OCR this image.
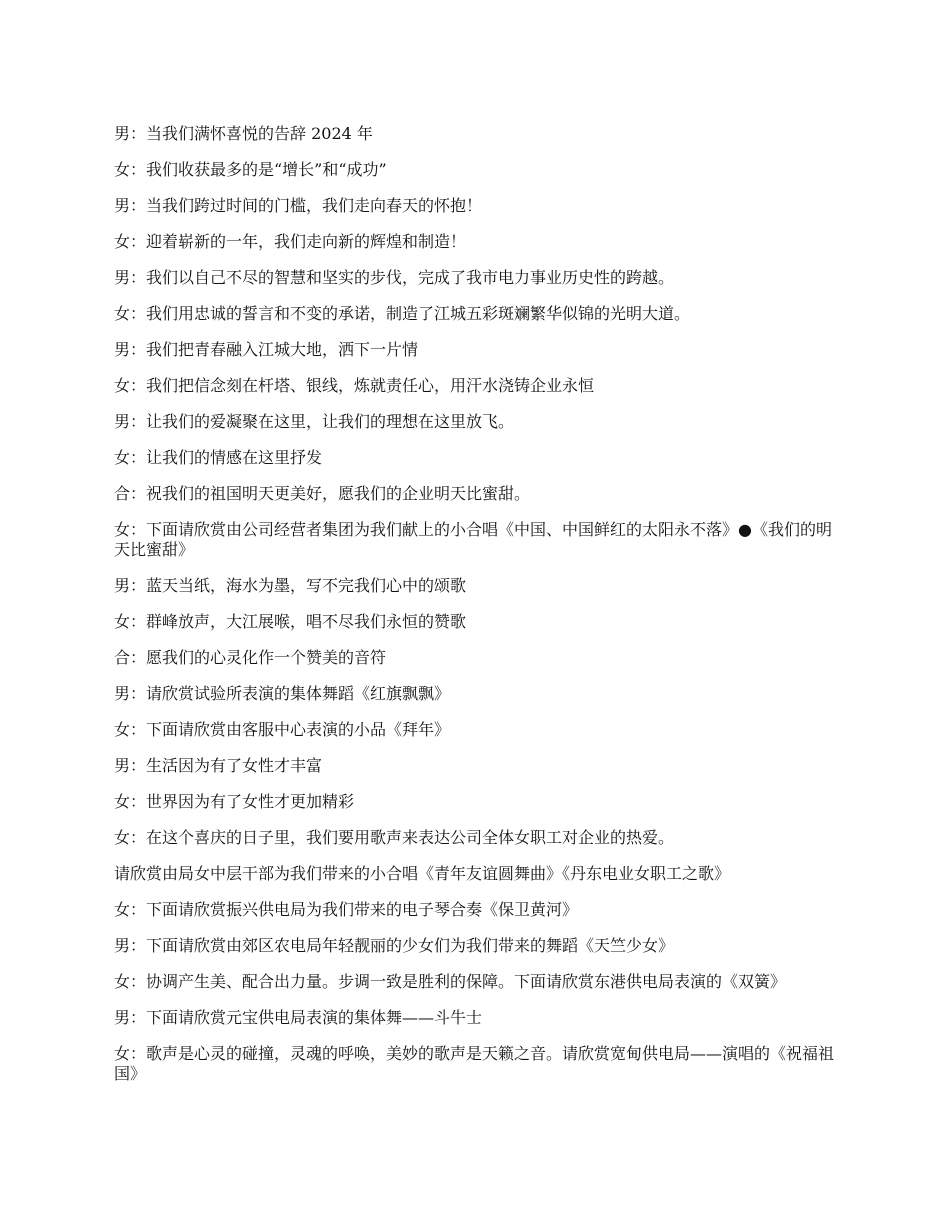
男：当我们满怀喜悦的告辞 2024 年

女：我们收获最多的是“增长”和“成功”

男：当我们跨过时间的门槛，我们走向春天的怀抱！

女：迎着崭新的一年，我们走向新的辉煌和制造！

男：我们以自己不尽的智慧和坚实的步伐，完成了我市电力事业历史性的跨越。

女：我们用忠诚的誓言和不变的承诺，制造了江城五彩斑斓繁华似锦的光明大道。

男：我们把青春融入江城大地，洒下一片情

女：我们把信念刻在杆塔、银线，炼就责任心，用汗水浇铸企业永恒

男：让我们的爱凝聚在这里，让我们的理想在这里放飞。

女：让我们的情感在这里抒发

合：祝我们的祖国明天更美好，愿我们的企业明天比蜜甜。

女：下面请欣赏由公司经营者集团为我们献上的小合唱《中国、中国鲜红的太阳永不落》●《我们的明天比蜜甜》

男：蓝天当纸，海水为墨，写不完我们心中的颂歌

女：群峰放声，大江展喉，唱不尽我们永恒的赞歌

合：愿我们的心灵化作一个赞美的音符

男：请欣赏试验所表演的集体舞蹈《红旗飘飘》

女：下面请欣赏由客服中心表演的小品《拜年》

男：生活因为有了女性才丰富

女：世界因为有了女性才更加精彩

女：在这个喜庆的日子里，我们要用歌声来表达公司全体女职工对企业的热爱。

请欣赏由局女中层干部为我们带来的小合唱《青年友谊圆舞曲》《丹东电业女职工之歌》

女：下面请欣赏振兴供电局为我们带来的电子琴合奏《保卫黄河》

男：下面请欣赏由郊区农电局年轻靓丽的少女们为我们带来的舞蹈《天竺少女》

女：协调产生美、配合出力量。步调一致是胜利的保障。下面请欣赏东港供电局表演的《双簧》

男：下面请欣赏元宝供电局表演的集体舞——斗牛士

女：歌声是心灵的碰撞，灵魂的呼唤，美妙的歌声是天籁之音。请欣赏宽甸供电局——演唱的《祝福祖国》
